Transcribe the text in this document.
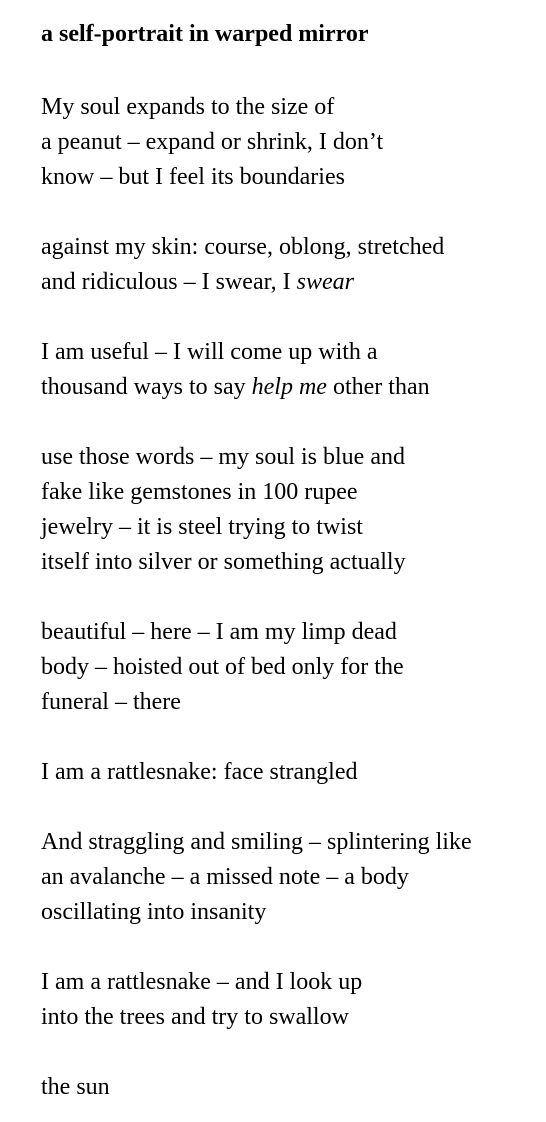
a self-portrait in warped mirror
My soul expands to the size of
a peanut – expand or shrink, I don’t
know – but I feel its boundaries
against my skin: course, oblong, stretched
and ridiculous – I swear, I swear
I am useful – I will come up with a
thousand ways to say help me other than
use those words – my soul is blue and
fake like gemstones in 100 rupee
jewelry – it is steel trying to twist
itself into silver or something actually
beautiful – here – I am my limp dead
body – hoisted out of bed only for the
funeral – there
I am a rattlesnake: face strangled
And straggling and smiling – splintering like
an avalanche – a missed note – a body
oscillating into insanity
I am a rattlesnake – and I look up
into the trees and try to swallow
the sun
